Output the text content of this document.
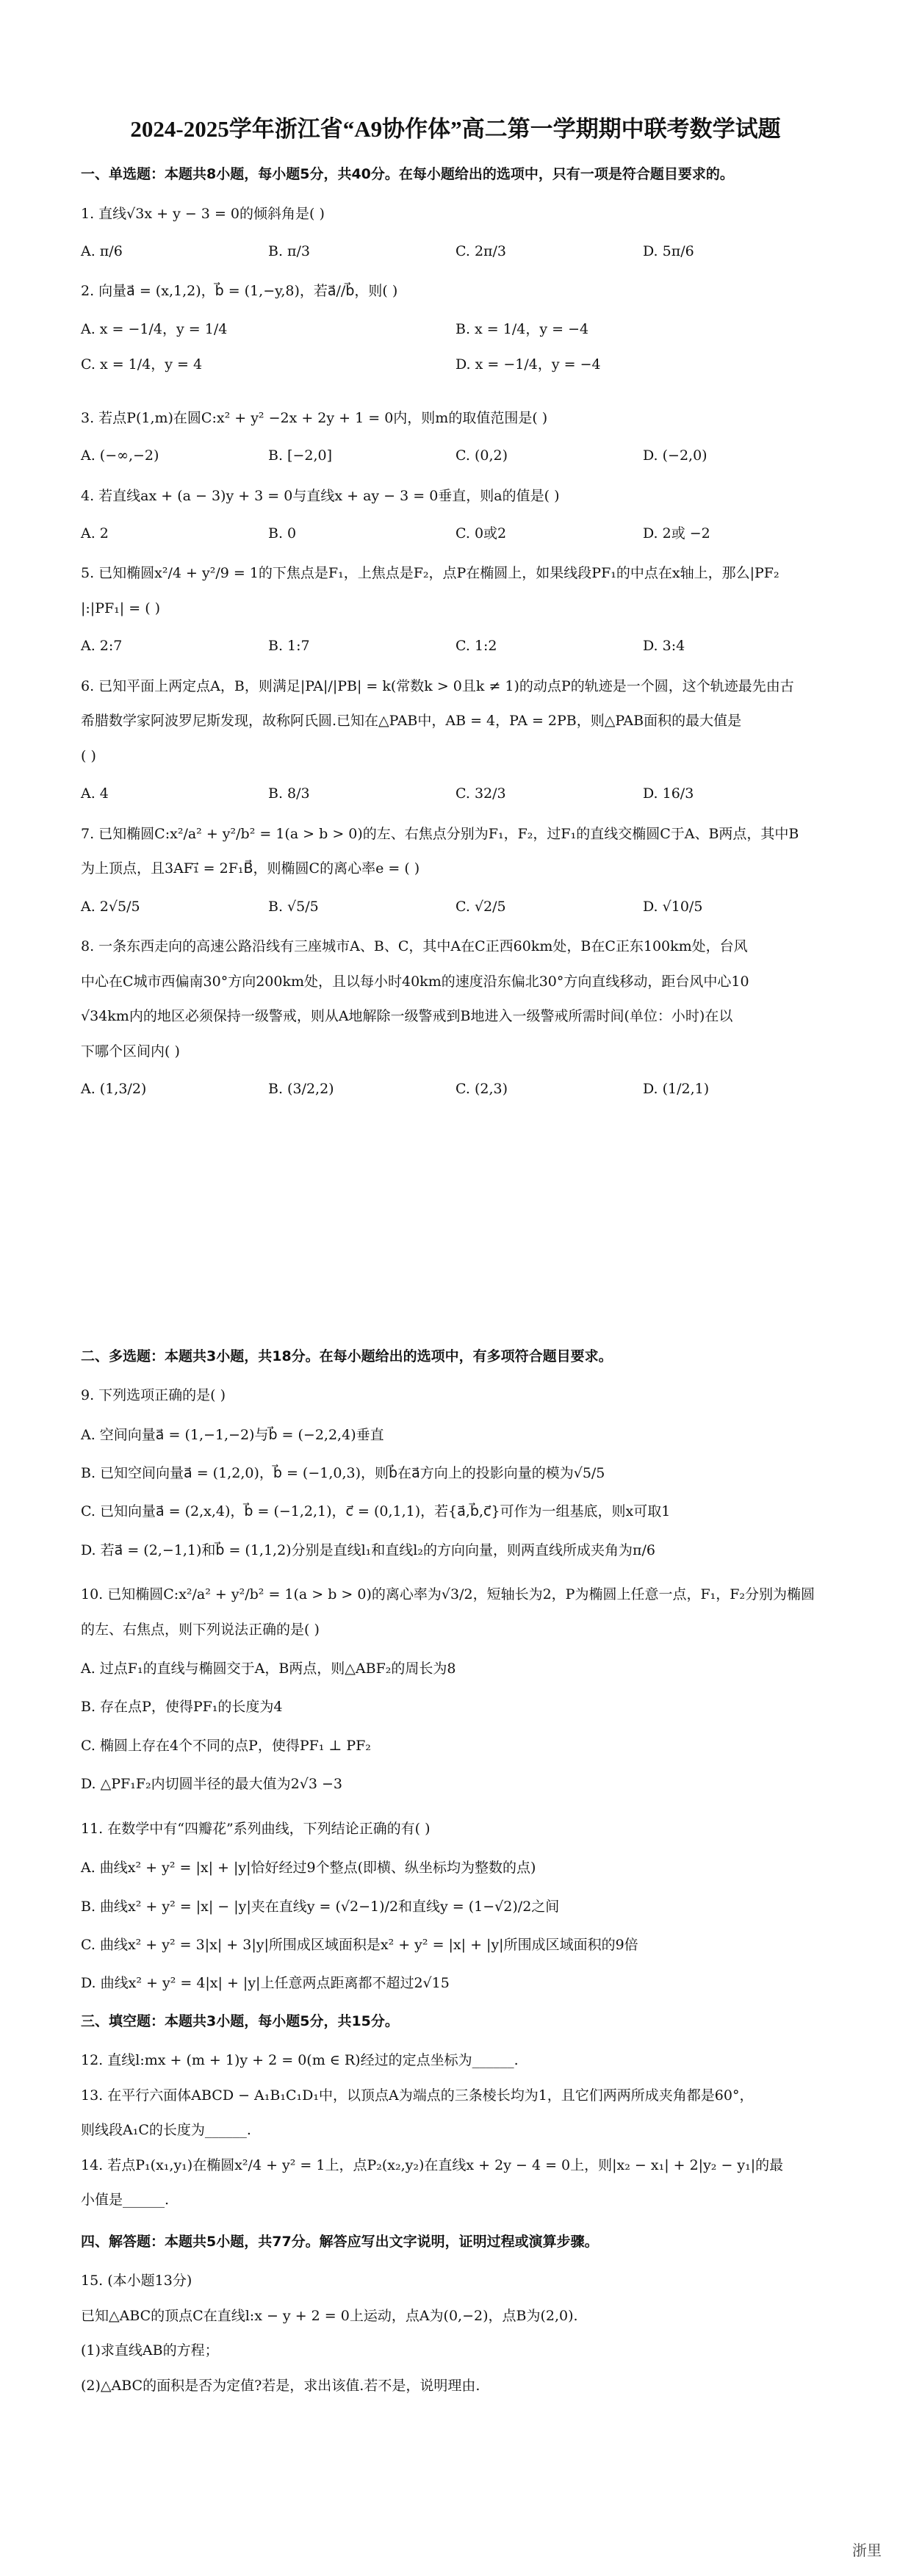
2024-2025学年浙江省“A9协作体”高二第一学期期中联考数学试题
一、单选题：本题共8小题，每小题5分，共40分。在每小题给出的选项中，只有一项是符合题目要求的。
1. 直线√3x + y − 3 = 0的倾斜角是( )
A. π/6	B. π/3	C. 2π/3	D. 5π/6
2. 向量a⃗ = (x,1,2)，b⃗ = (1,−y,8)，若a⃗//b⃗，则( )
A. x = −1/4，y = 1/4	B. x = 1/4，y = −4
C. x = 1/4，y = 4	D. x = −1/4，y = −4
3. 若点P(1,m)在圆C:x² + y² −2x + 2y + 1 = 0内，则m的取值范围是( )
A. (−∞,−2)	B. [−2,0]	C. (0,2)	D. (−2,0)
4. 若直线ax + (a − 3)y + 3 = 0与直线x + ay − 3 = 0垂直，则a的值是( )
A. 2	B. 0	C. 0或2	D. 2或 −2
5. 已知椭圆x²/4 + y²/9 = 1的下焦点是F₁，上焦点是F₂，点P在椭圆上，如果线段PF₁的中点在x轴上，那么|PF₂
|:|PF₁| = ( )
A. 2:7	B. 1:7	C. 1:2	D. 3:4
6. 已知平面上两定点A，B，则满足|PA|/|PB| = k(常数k > 0且k ≠ 1)的动点P的轨迹是一个圆，这个轨迹最先由古
希腊数学家阿波罗尼斯发现，故称阿氏圆.已知在△PAB中，AB = 4，PA = 2PB，则△PAB面积的最大值是
( )
A. 4	B. 8/3	C. 32/3	D. 16/3
7. 已知椭圆C:x²/a² + y²/b² = 1(a > b > 0)的左、右焦点分别为F₁，F₂，过F₁的直线交椭圆C于A、B两点，其中B
为上顶点，且3AF₁⃗ = 2F₁B⃗，则椭圆C的离心率e = ( )
A. 2√5/5	B. √5/5	C. √2/5	D. √10/5
8. 一条东西走向的高速公路沿线有三座城市A、B、C，其中A在C正西60km处，B在C正东100km处，台风
中心在C城市西偏南30°方向200km处，且以每小时40km的速度沿东偏北30°方向直线移动，距台风中心10
√34km内的地区必须保持一级警戒，则从A地解除一级警戒到B地进入一级警戒所需时间(单位：小时)在以
下哪个区间内( )
A. (1,3/2)	B. (3/2,2)	C. (2,3)	D. (1/2,1)
二、多选题：本题共3小题，共18分。在每小题给出的选项中，有多项符合题目要求。
9. 下列选项正确的是( )
A. 空间向量a⃗ = (1,−1,−2)与b⃗ = (−2,2,4)垂直
B. 已知空间向量a⃗ = (1,2,0)，b⃗ = (−1,0,3)，则b⃗在a⃗方向上的投影向量的模为√5/5
C. 已知向量a⃗ = (2,x,4)，b⃗ = (−1,2,1)，c⃗ = (0,1,1)，若{a⃗,b⃗,c⃗}可作为一组基底，则x可取1
D. 若a⃗ = (2,−1,1)和b⃗ = (1,1,2)分别是直线l₁和直线l₂的方向向量，则两直线所成夹角为π/6
10. 已知椭圆C:x²/a² + y²/b² = 1(a > b > 0)的离心率为√3/2，短轴长为2，P为椭圆上任意一点，F₁，F₂分别为椭圆
的左、右焦点，则下列说法正确的是( )
A. 过点F₁的直线与椭圆交于A，B两点，则△ABF₂的周长为8
B. 存在点P，使得PF₁的长度为4
C. 椭圆上存在4个不同的点P，使得PF₁ ⊥ PF₂
D. △PF₁F₂内切圆半径的最大值为2√3 −3
11. 在数学中有“四瓣花”系列曲线，下列结论正确的有( )
A. 曲线x² + y² = |x| + |y|恰好经过9个整点(即横、纵坐标均为整数的点)
B. 曲线x² + y² = |x| − |y|夹在直线y = (√2−1)/2和直线y = (1−√2)/2之间
C. 曲线x² + y² = 3|x| + 3|y|所围成区域面积是x² + y² = |x| + |y|所围成区域面积的9倍
D. 曲线x² + y² = 4|x| + |y|上任意两点距离都不超过2√15
三、填空题：本题共3小题，每小题5分，共15分。
12. 直线l:mx + (m + 1)y + 2 = 0(m ∈ R)经过的定点坐标为______.
13. 在平行六面体ABCD − A₁B₁C₁D₁中，以顶点A为端点的三条棱长均为1，且它们两两所成夹角都是60°，
则线段A₁C的长度为______.
14. 若点P₁(x₁,y₁)在椭圆x²/4 + y² = 1上，点P₂(x₂,y₂)在直线x + 2y − 4 = 0上，则|x₂ − x₁| + 2|y₂ − y₁|的最
小值是______.
四、解答题：本题共5小题，共77分。解答应写出文字说明，证明过程或演算步骤。
15. (本小题13分)
已知△ABC的顶点C在直线l:x − y + 2 = 0上运动，点A为(0,−2)，点B为(2,0).
(1)求直线AB的方程；
(2)△ABC的面积是否为定值?若是，求出该值.若不是，说明理由.
浙里
